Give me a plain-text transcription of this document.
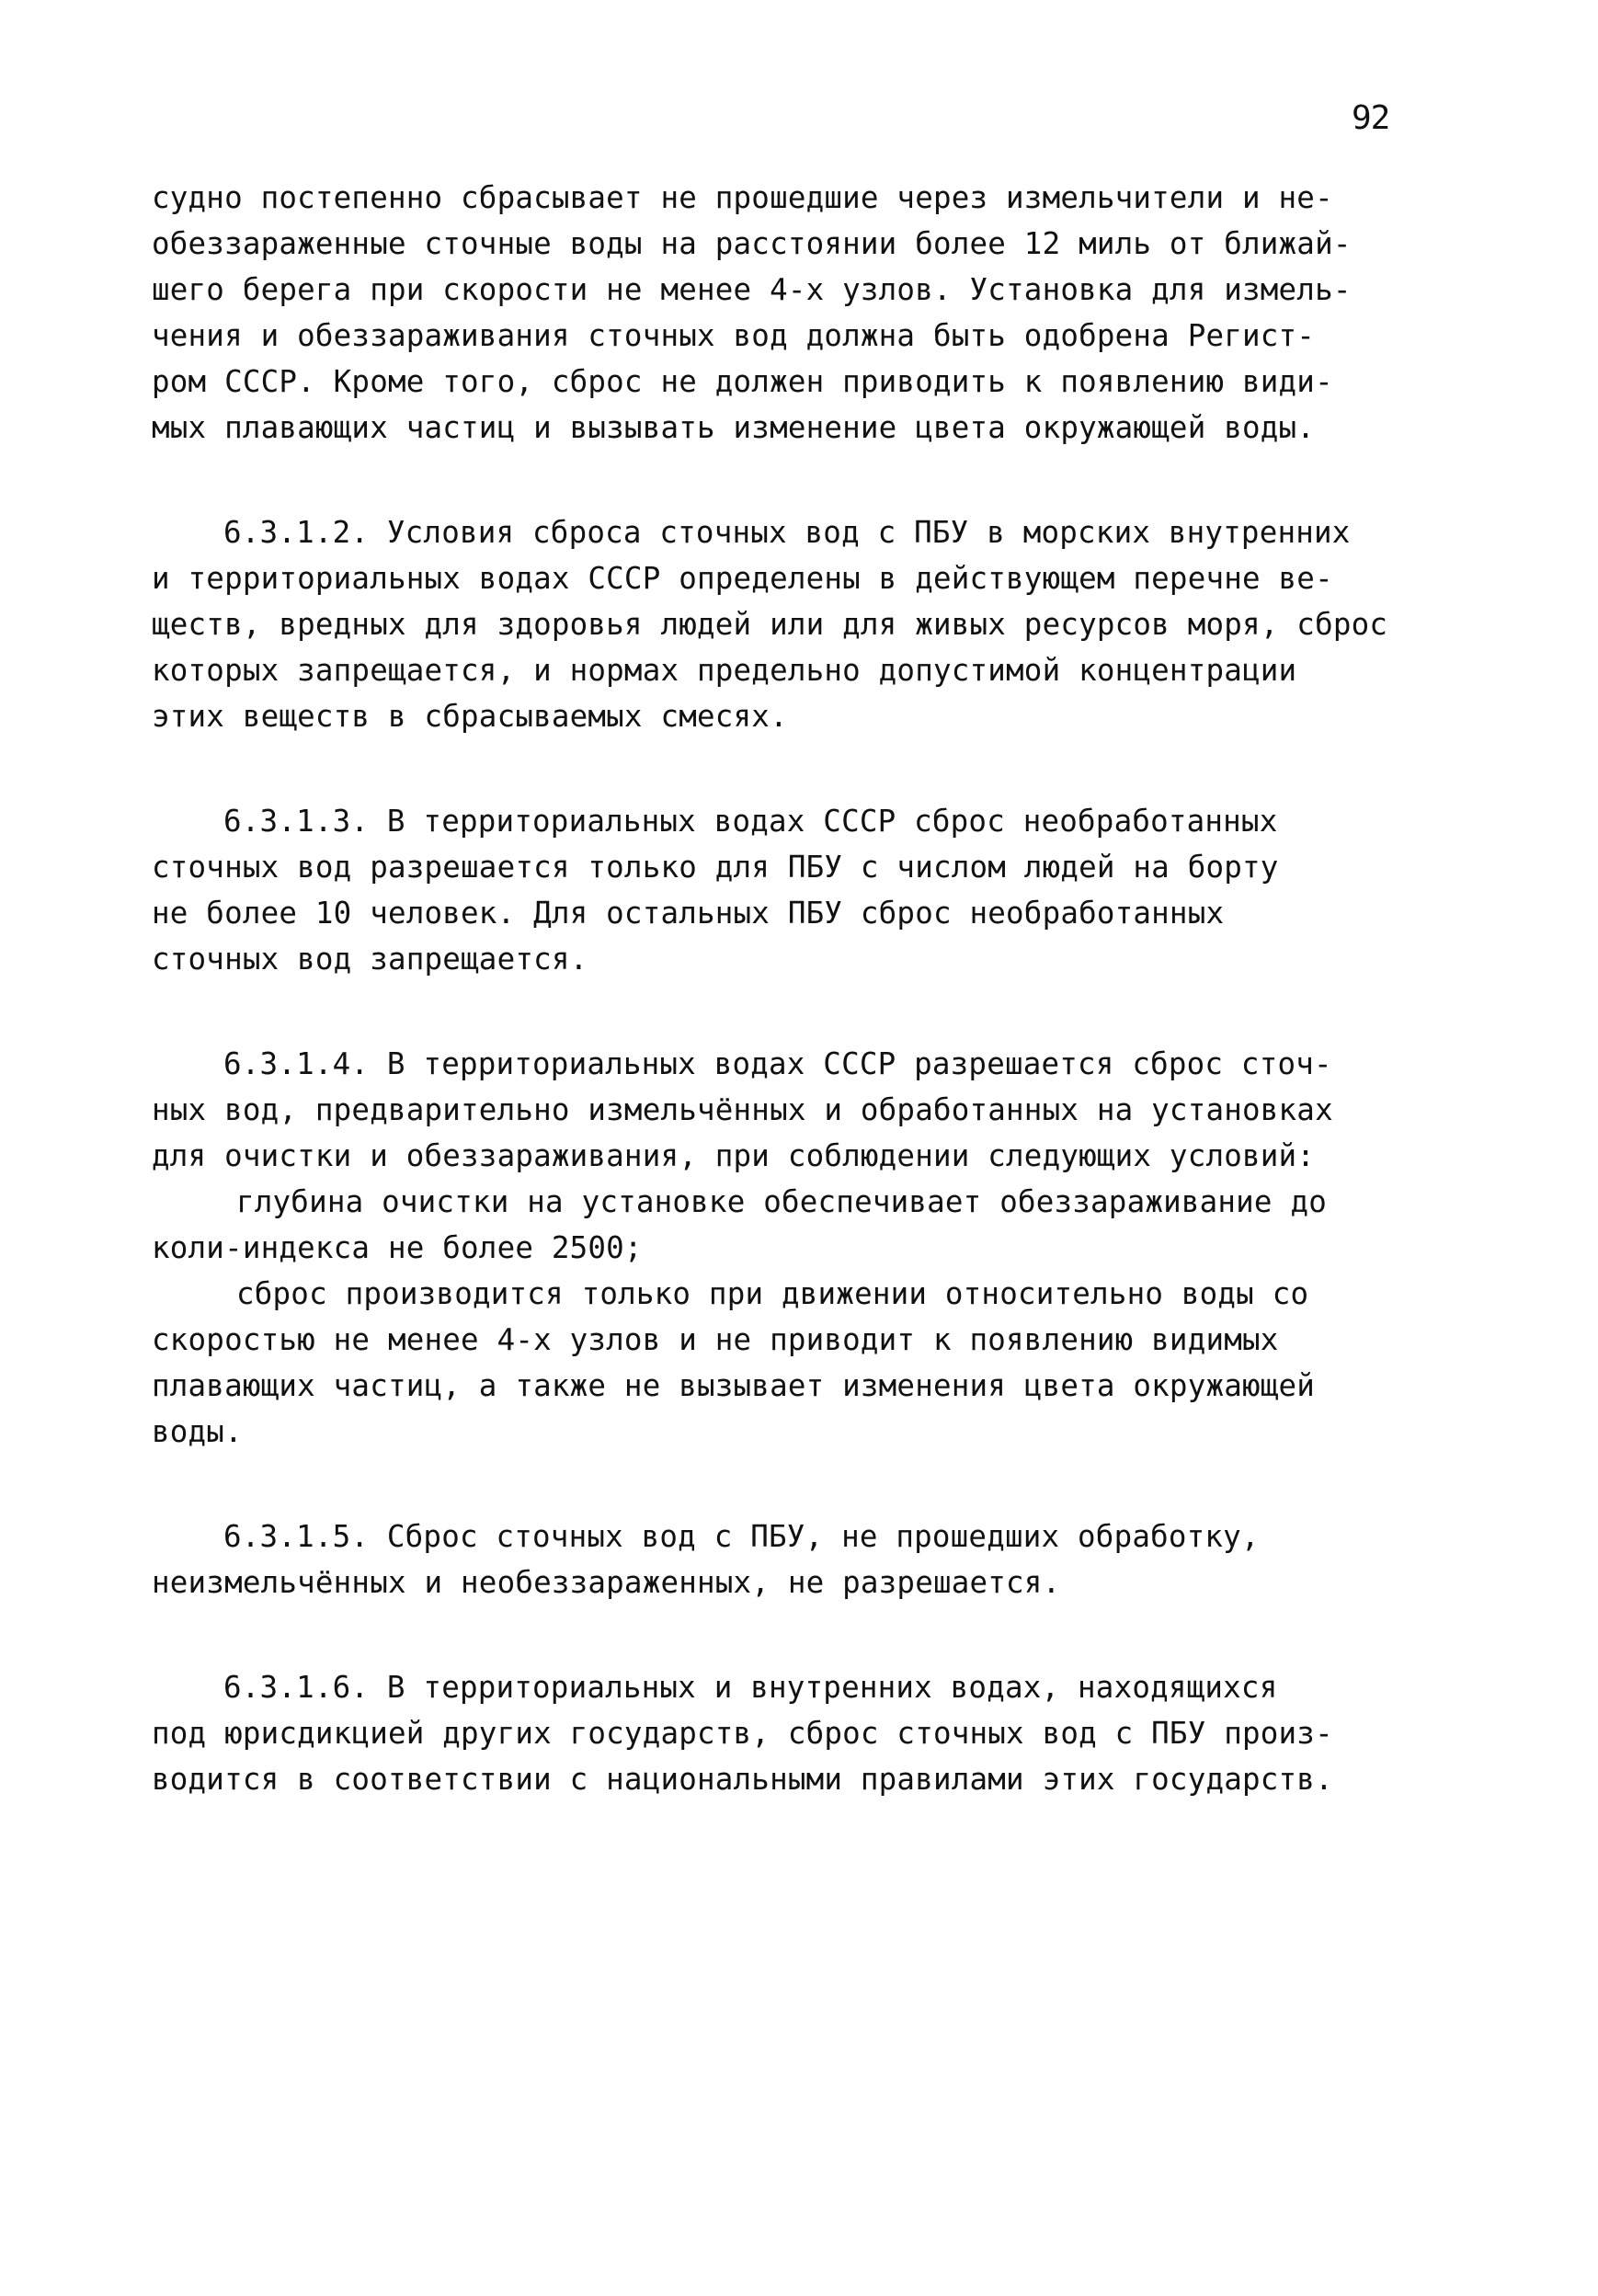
92
судно постепенно сбрасывает не прошедшие через измельчители и не-
обеззараженные сточные воды на расстоянии более 12 миль от ближай-
шего берега при скорости не менее 4-х узлов. Установка для измель-
чения и обеззараживания сточных вод должна быть одобрена Регист-
ром СССР. Кроме того, сброс не должен приводить к появлению види-
мых плавающих частиц и вызывать изменение цвета окружающей воды.
6.3.1.2. Условия сброса сточных вод с ПБУ в морских внутренних
и территориальных водах СССР определены в действующем перечне ве-
ществ, вредных для здоровья людей или для живых ресурсов моря, сброс
которых запрещается, и нормах предельно допустимой концентрации
этих веществ в сбрасываемых смесях.
6.3.1.3. В территориальных водах СССР сброс необработанных
сточных вод разрешается только для ПБУ с числом людей на борту
не более 10 человек. Для остальных ПБУ сброс необработанных
сточных вод запрещается.
6.3.1.4. В территориальных водах СССР разрешается сброс сточ-
ных вод, предварительно измельчённых и обработанных на установках
для очистки и обеззараживания, при соблюдении следующих условий:
глубина очистки на установке обеспечивает обеззараживание до
коли-индекса не более 2500;
сброс производится только при движении относительно воды со
скоростью не менее 4-х узлов и не приводит к появлению видимых
плавающих частиц, а также не вызывает изменения цвета окружающей
воды.
6.3.1.5. Сброс сточных вод с ПБУ, не прошедших обработку,
неизмельчённых и необеззараженных, не разрешается.
6.3.1.6. В территориальных и внутренних водах, находящихся
под юрисдикцией других государств, сброс сточных вод с ПБУ произ-
водится в соответствии с национальными правилами этих государств.
